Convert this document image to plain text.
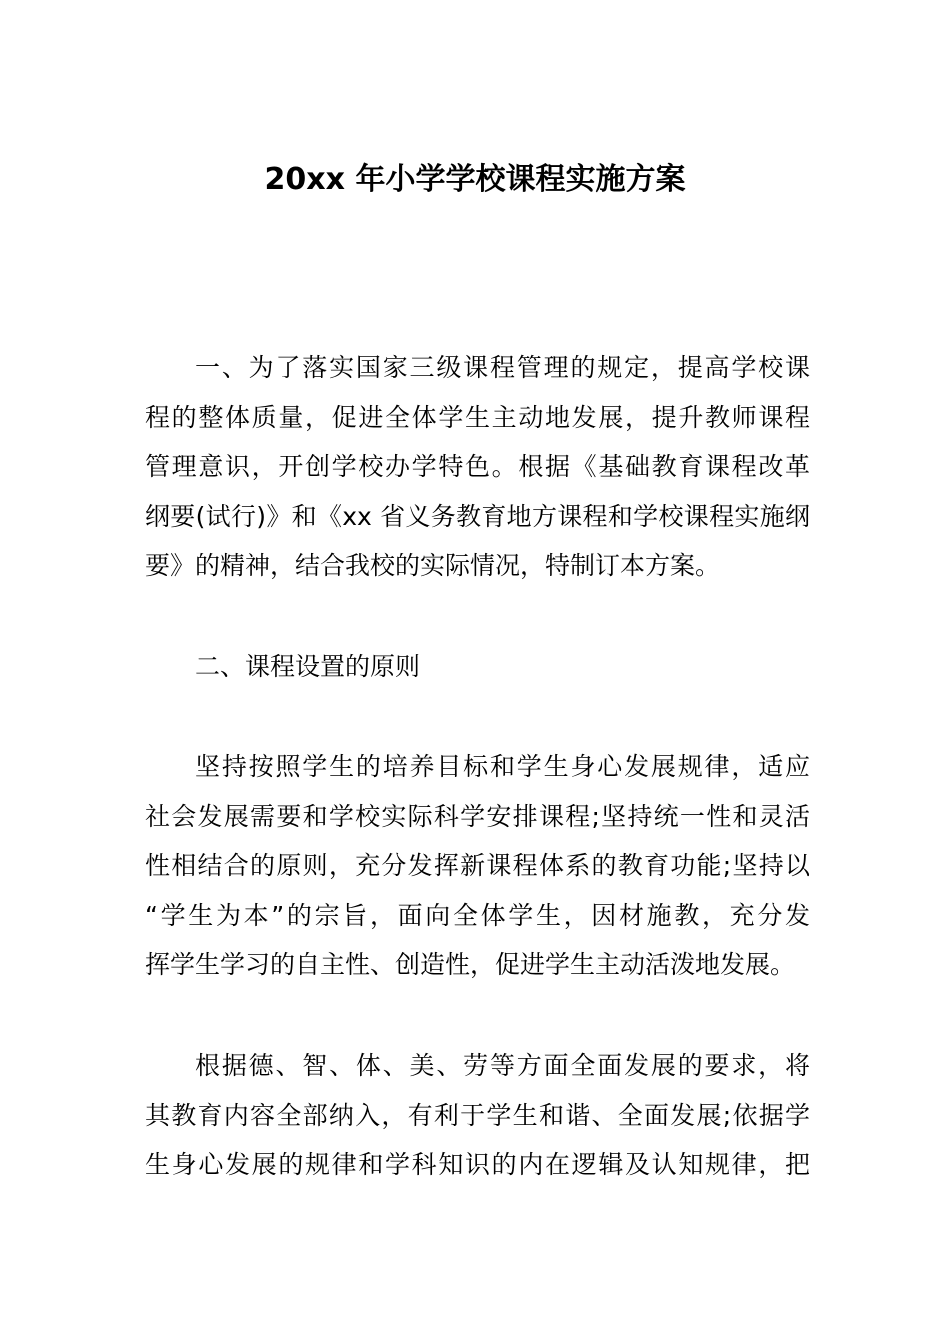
20xx 年小学学校课程实施方案
一、为了落实国家三级课程管理的规定，提高学校课
程的整体质量，促进全体学生主动地发展，提升教师课程
管理意识，开创学校办学特色。根据《基础教育课程改革
纲要(试行)》和《xx 省义务教育地方课程和学校课程实施纲
要》的精神，结合我校的实际情况，特制订本方案。
二、课程设置的原则
坚持按照学生的培养目标和学生身心发展规律，适应
社会发展需要和学校实际科学安排课程;坚持统一性和灵活
性相结合的原则，充分发挥新课程体系的教育功能;坚持以
“学生为本”的宗旨，面向全体学生，因材施教，充分发
挥学生学习的自主性、创造性，促进学生主动活泼地发展。
根据德、智、体、美、劳等方面全面发展的要求，将
其教育内容全部纳入，有利于学生和谐、全面发展;依据学
生身心发展的规律和学科知识的内在逻辑及认知规律，把
